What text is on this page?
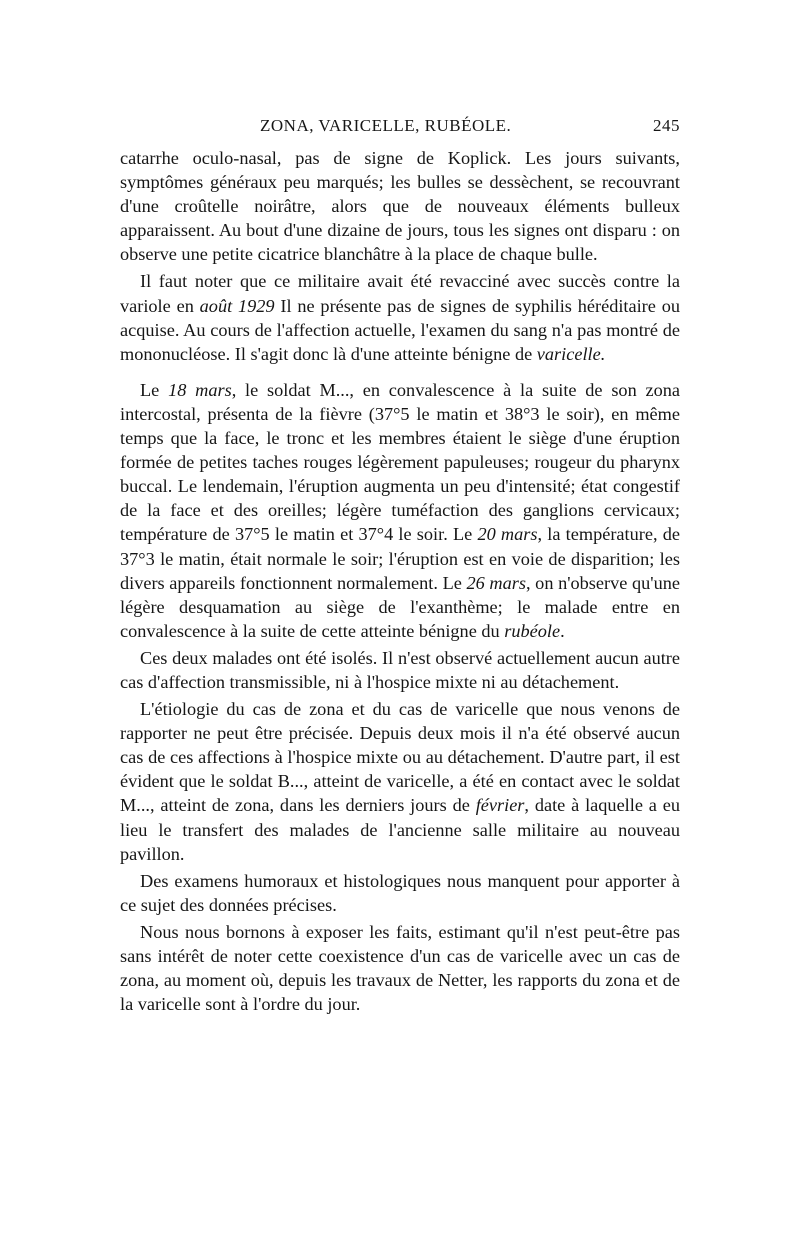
ZONA, VARICELLE, RUBÉOLE.	245

catarrhe oculo-nasal, pas de signe de Koplick. Les jours suivants, symptômes généraux peu marqués; les bulles se dessèchent, se recouvrant d'une croûtelle noirâtre, alors que de nouveaux éléments bulleux apparaissent. Au bout d'une dizaine de jours, tous les signes ont disparu : on observe une petite cicatrice blanchâtre à la place de chaque bulle.

Il faut noter que ce militaire avait été revacciné avec succès contre la variole en août 1929 Il ne présente pas de signes de syphilis héréditaire ou acquise. Au cours de l'affection actuelle, l'examen du sang n'a pas montré de mononucléose. Il s'agit donc là d'une atteinte bénigne de varicelle.

Le 18 mars, le soldat M..., en convalescence à la suite de son zona intercostal, présenta de la fièvre (37°5 le matin et 38°3 le soir), en même temps que la face, le tronc et les membres étaient le siège d'une éruption formée de petites taches rouges légèrement papuleuses; rougeur du pharynx buccal. Le lendemain, l'éruption augmenta un peu d'intensité; état congestif de la face et des oreilles; légère tuméfaction des ganglions cervicaux; température de 37°5 le matin et 37°4 le soir. Le 20 mars, la température, de 37°3 le matin, était normale le soir; l'éruption est en voie de disparition; les divers appareils fonctionnent normalement. Le 26 mars, on n'observe qu'une légère desquamation au siège de l'exanthème; le malade entre en convalescence à la suite de cette atteinte bénigne du rubéole.

Ces deux malades ont été isolés. Il n'est observé actuellement aucun autre cas d'affection transmissible, ni à l'hospice mixte ni au détachement.

L'étiologie du cas de zona et du cas de varicelle que nous venons de rapporter ne peut être précisée. Depuis deux mois il n'a été observé aucun cas de ces affections à l'hospice mixte ou au détachement. D'autre part, il est évident que le soldat B..., atteint de varicelle, a été en contact avec le soldat M..., atteint de zona, dans les derniers jours de février, date à laquelle a eu lieu le transfert des malades de l'ancienne salle militaire au nouveau pavillon.

Des examens humoraux et histologiques nous manquent pour apporter à ce sujet des données précises.

Nous nous bornons à exposer les faits, estimant qu'il n'est peut-être pas sans intérêt de noter cette coexistence d'un cas de varicelle avec un cas de zona, au moment où, depuis les travaux de Netter, les rapports du zona et de la varicelle sont à l'ordre du jour.
